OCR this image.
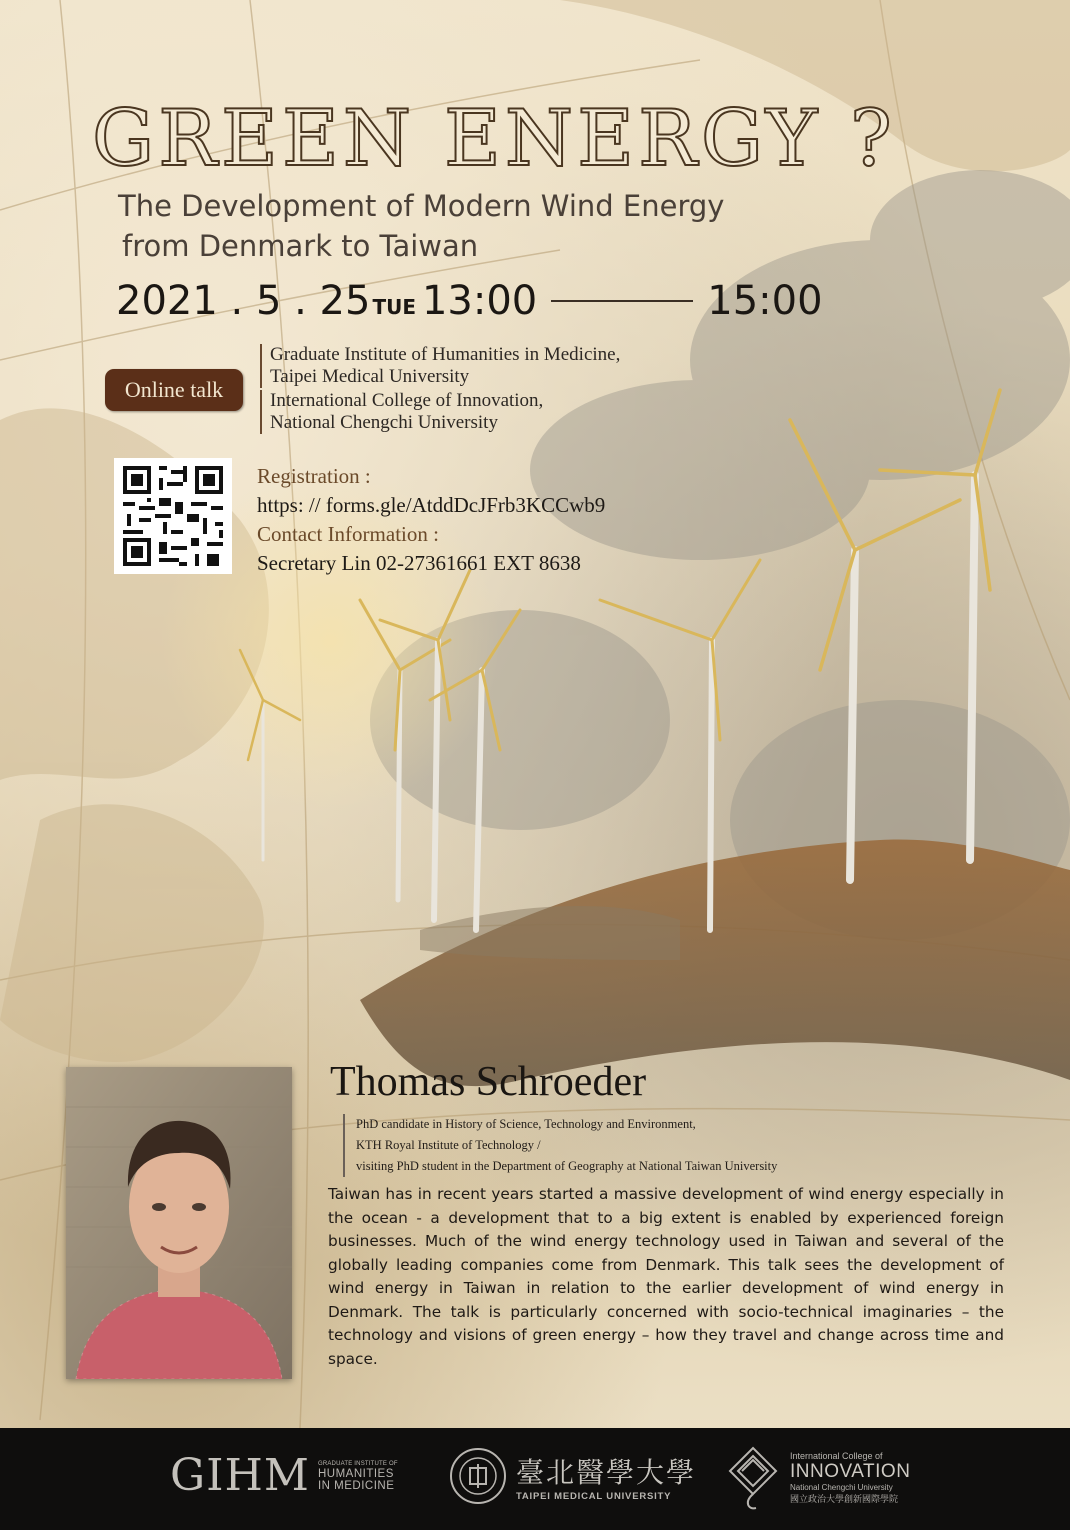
GREEN ENERGY ?
The Development of Modern Wind Energy
from Denmark to Taiwan
2021 . 5 . 25 TUE 13:00	15:00
Online talk
Graduate Institute of Humanities in Medicine,
Taipei Medical University
International College of Innovation,
National Chengchi University
Registration :
https: // forms.gle/AtddDcJFrb3KCCwb9
Contact Information :
Secretary Lin 02-27361661 EXT 8638
Thomas Schroeder
PhD candidate in History of Science, Technology and Environment,
KTH Royal Institute of Technology /
visiting PhD student in the Department of Geography at National Taiwan University
Taiwan has in recent years started a massive development of wind energy especially in the ocean - a development that to a big extent is enabled by experienced foreign businesses. Much of the wind energy technology used in Taiwan and several of the globally leading companies come from Denmark. This talk sees the development of wind energy in Taiwan in relation to the earlier development of wind energy in Denmark. The talk is particularly concerned with socio-technical imaginaries – the technology and visions of green energy – how they travel and change across time and space.
GIHM GRADUATE INSTITUTE OF
HUMANITIES
IN MEDICINE	臺北醫學大學
TAIPEI MEDICAL UNIVERSITY
International College of
INNOVATION
National Chengchi University
國立政治大學創新國際學院
